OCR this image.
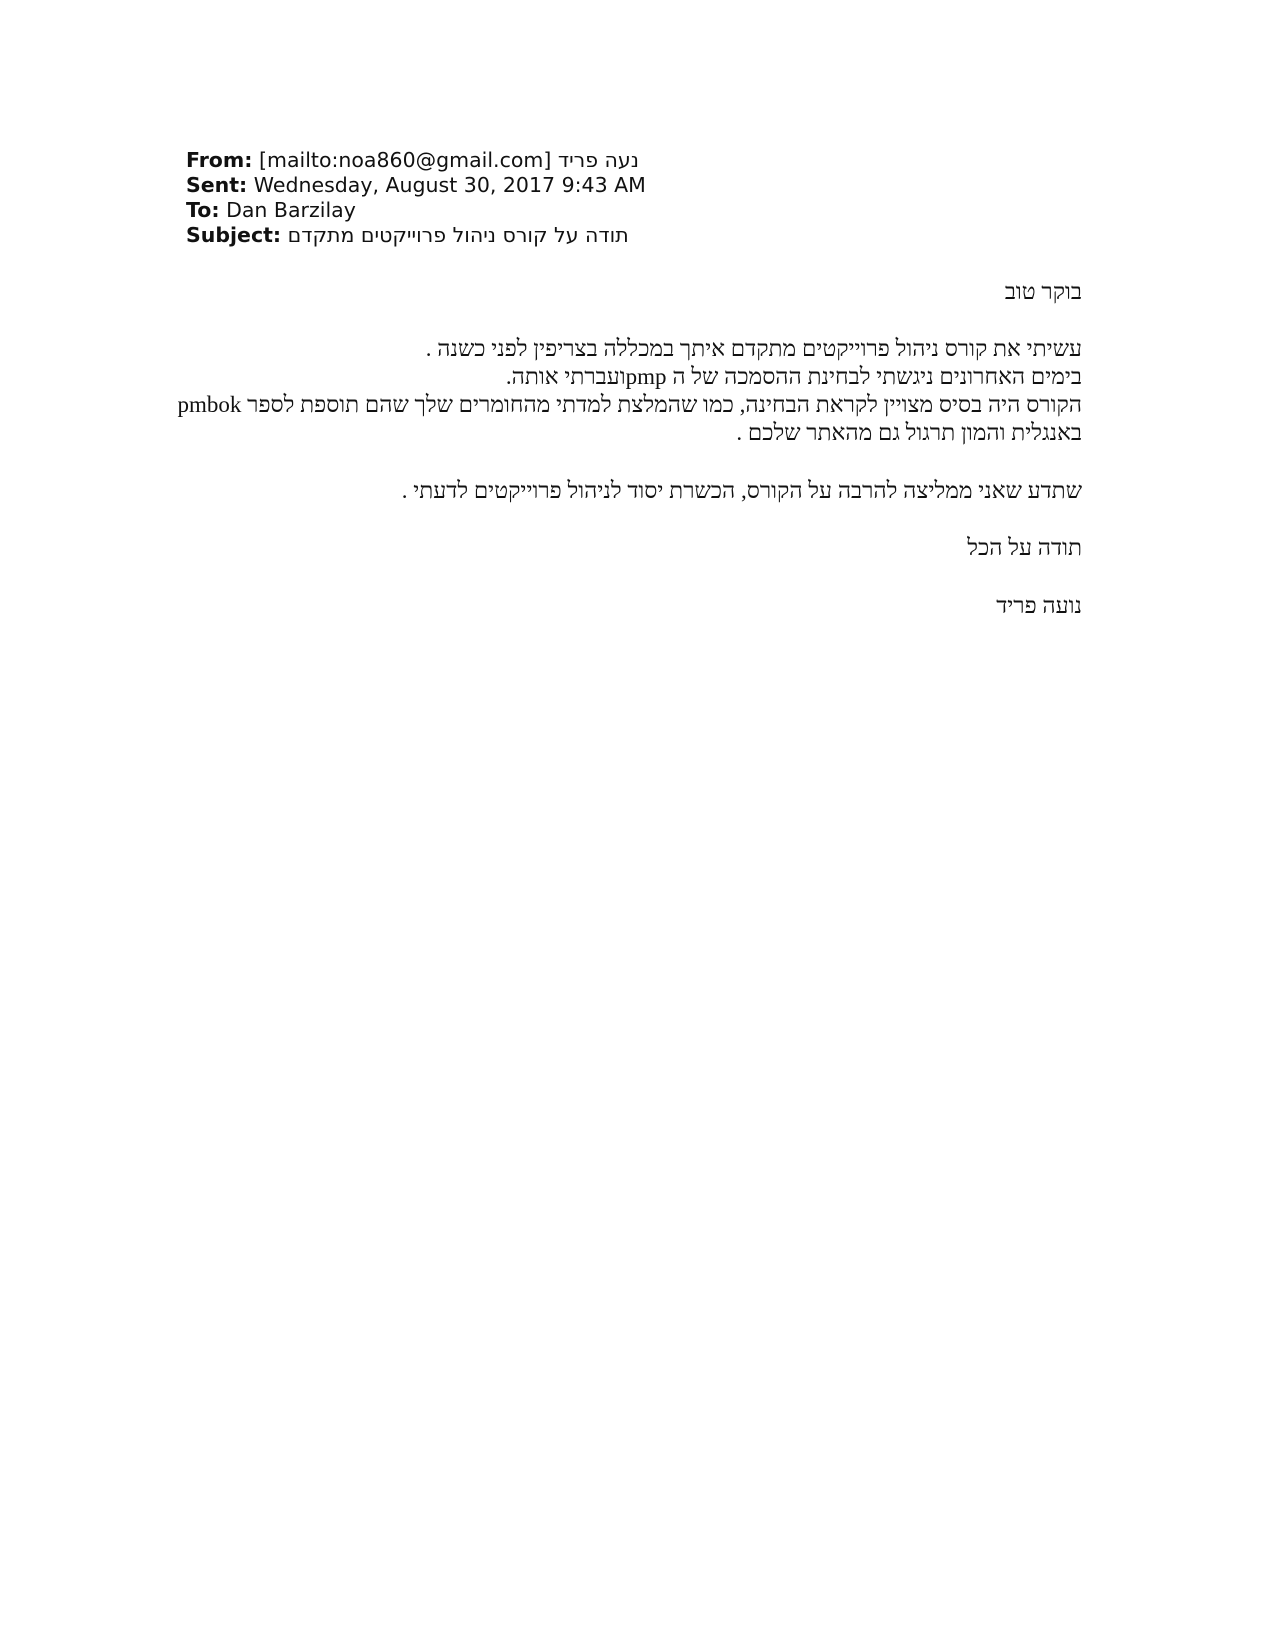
From: נעה פריד [mailto:noa860@gmail.com]
Sent: Wednesday, August 30, 2017 9:43 AM
To: Dan Barzilay
Subject: תודה על קורס ניהול פרוייקטים מתקדם
בוקר טוב
עשיתי את קורס ניהול פרוייקטים מתקדם איתך במכללה בצריפין לפני כשנה .
בימים האחרונים ניגשתי לבחינת ההסמכה של ה pmpועברתי אותה.
הקורס היה בסיס מצויין לקראת הבחינה, כמו שהמלצת למדתי מהחומרים שלך שהם תוספת לספר pmbok
באנגלית והמון תרגול גם מהאתר שלכם .
שתדע שאני ממליצה להרבה על הקורס, הכשרת יסוד לניהול פרוייקטים לדעתי .
תודה על הכל
נועה פריד
